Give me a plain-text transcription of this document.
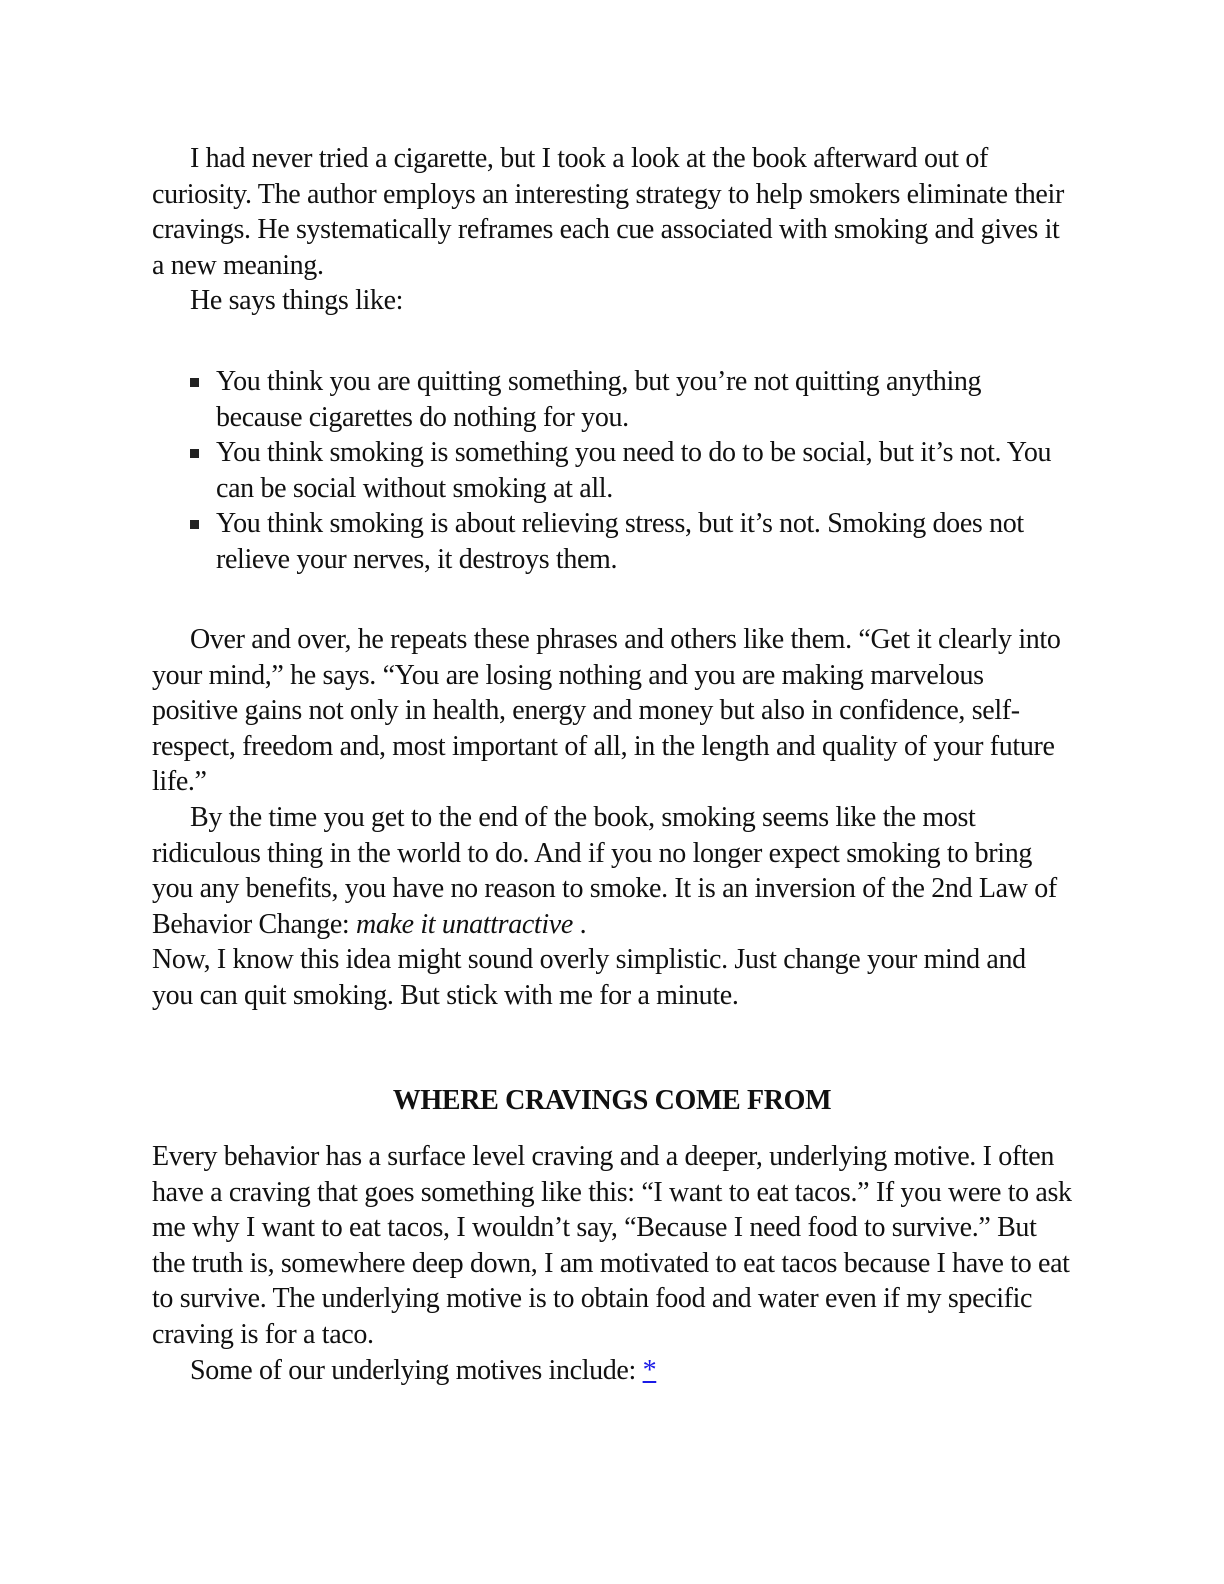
I had never tried a cigarette, but I took a look at the book afterward out of curiosity. The author employs an interesting strategy to help smokers eliminate their cravings. He systematically reframes each cue associated with smoking and gives it a new meaning.

He says things like:

You think you are quitting something, but you’re not quitting anything because cigarettes do nothing for you.
You think smoking is something you need to do to be social, but it’s not. You can be social without smoking at all.
You think smoking is about relieving stress, but it’s not. Smoking does not relieve your nerves, it destroys them.

Over and over, he repeats these phrases and others like them. “Get it clearly into your mind,” he says. “You are losing nothing and you are making marvelous positive gains not only in health, energy and money but also in confidence, self-respect, freedom and, most important of all, in the length and quality of your future life.”

By the time you get to the end of the book, smoking seems like the most ridiculous thing in the world to do. And if you no longer expect smoking to bring you any benefits, you have no reason to smoke. It is an inversion of the 2nd Law of Behavior Change: make it unattractive .

Now, I know this idea might sound overly simplistic. Just change your mind and you can quit smoking. But stick with me for a minute.

WHERE CRAVINGS COME FROM

Every behavior has a surface level craving and a deeper, underlying motive. I often have a craving that goes something like this: “I want to eat tacos.” If you were to ask me why I want to eat tacos, I wouldn’t say, “Because I need food to survive.” But the truth is, somewhere deep down, I am motivated to eat tacos because I have to eat to survive. The underlying motive is to obtain food and water even if my specific craving is for a taco.

Some of our underlying motives include: *
